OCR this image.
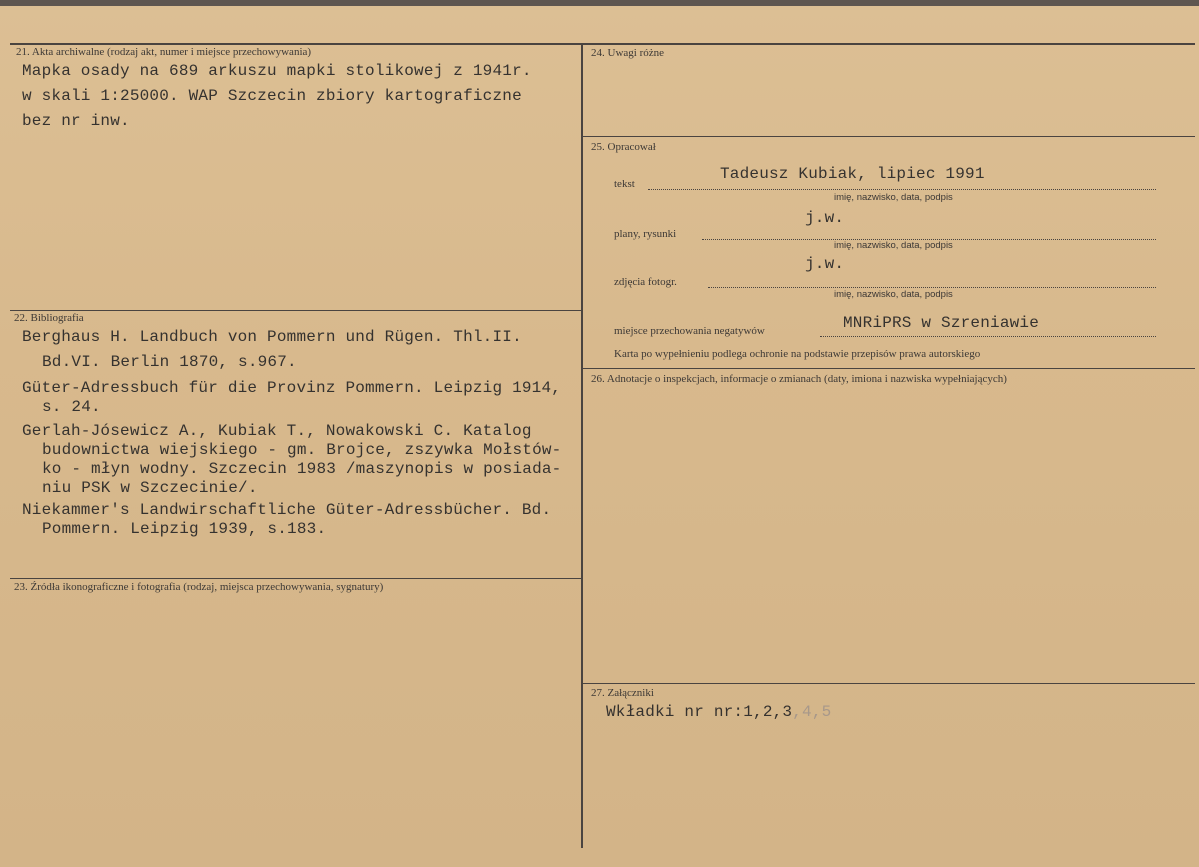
21. Akta archiwalne (rodzaj akt, numer i miejsce przechowywania)
Mapka osady na 689 arkuszu mapki stolikowej z 1941r.
w skali 1:25000. WAP Szczecin zbiory kartograficzne
bez nr inw.
22. Bibliografia
Berghaus H. Landbuch von Pommern und Rügen. Thl.II.
Bd.VI. Berlin 1870, s.967.
Güter-Adressbuch für die Provinz Pommern. Leipzig 1914,
s. 24.
Gerlah-Jósewicz A., Kubiak T., Nowakowski C. Katalog
budownictwa wiejskiego - gm. Brojce, zszywka Mołstów-
ko - młyn wodny. Szczecin 1983 /maszynopis w posiada-
niu PSK w Szczecinie/.
Niekammer's Landwirschaftliche Güter-Adressbücher. Bd.
Pommern. Leipzig 1939, s.183.
23. Źródła ikonograficzne i fotografia (rodzaj, miejsca przechowywania, sygnatury)
24. Uwagi różne
25. Opracował
tekst
Tadeusz Kubiak, lipiec 1991
imię, nazwisko, data, podpis
plany, rysunki
j.w.
imię, nazwisko, data, podpis
zdjęcia fotogr.
j.w.
imię, nazwisko, data, podpis
miejsce przechowania negatywów	MNRiPRS w Szreniawie
Karta po wypełnieniu podlega ochronie na podstawie przepisów prawa autorskiego
26. Adnotacje o inspekcjach, informacje o zmianach (daty, imiona i nazwiska wypełniających)
27. Załączniki
Wkładki nr nr:1,2,3,4,5
